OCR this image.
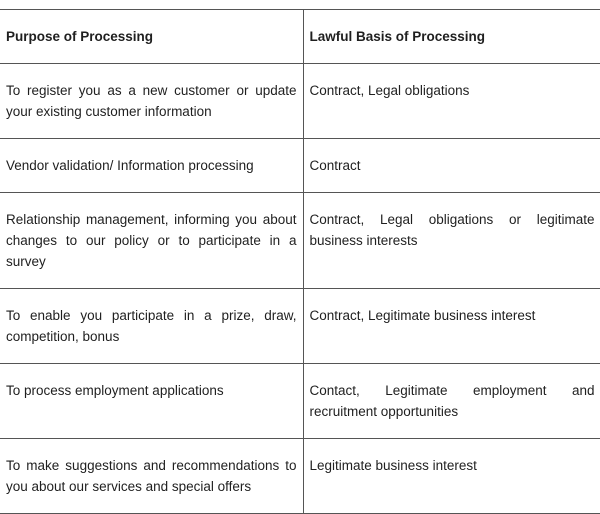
Purpose of Processing	Lawful Basis of Processing
To register you as a new customer or update your existing customer information	Contract, Legal obligations
Vendor validation/ Information processing	Contract
Relationship management, informing you about changes to our policy or to participate in a survey	Contract, Legal obligations or legitimate business interests
To enable you participate in a prize, draw, competition, bonus	Contract, Legitimate business interest
To process employment applications	Contact, Legitimate employment and recruitment opportunities
To make suggestions and recommendations to you about our services and special offers	Legitimate business interest
